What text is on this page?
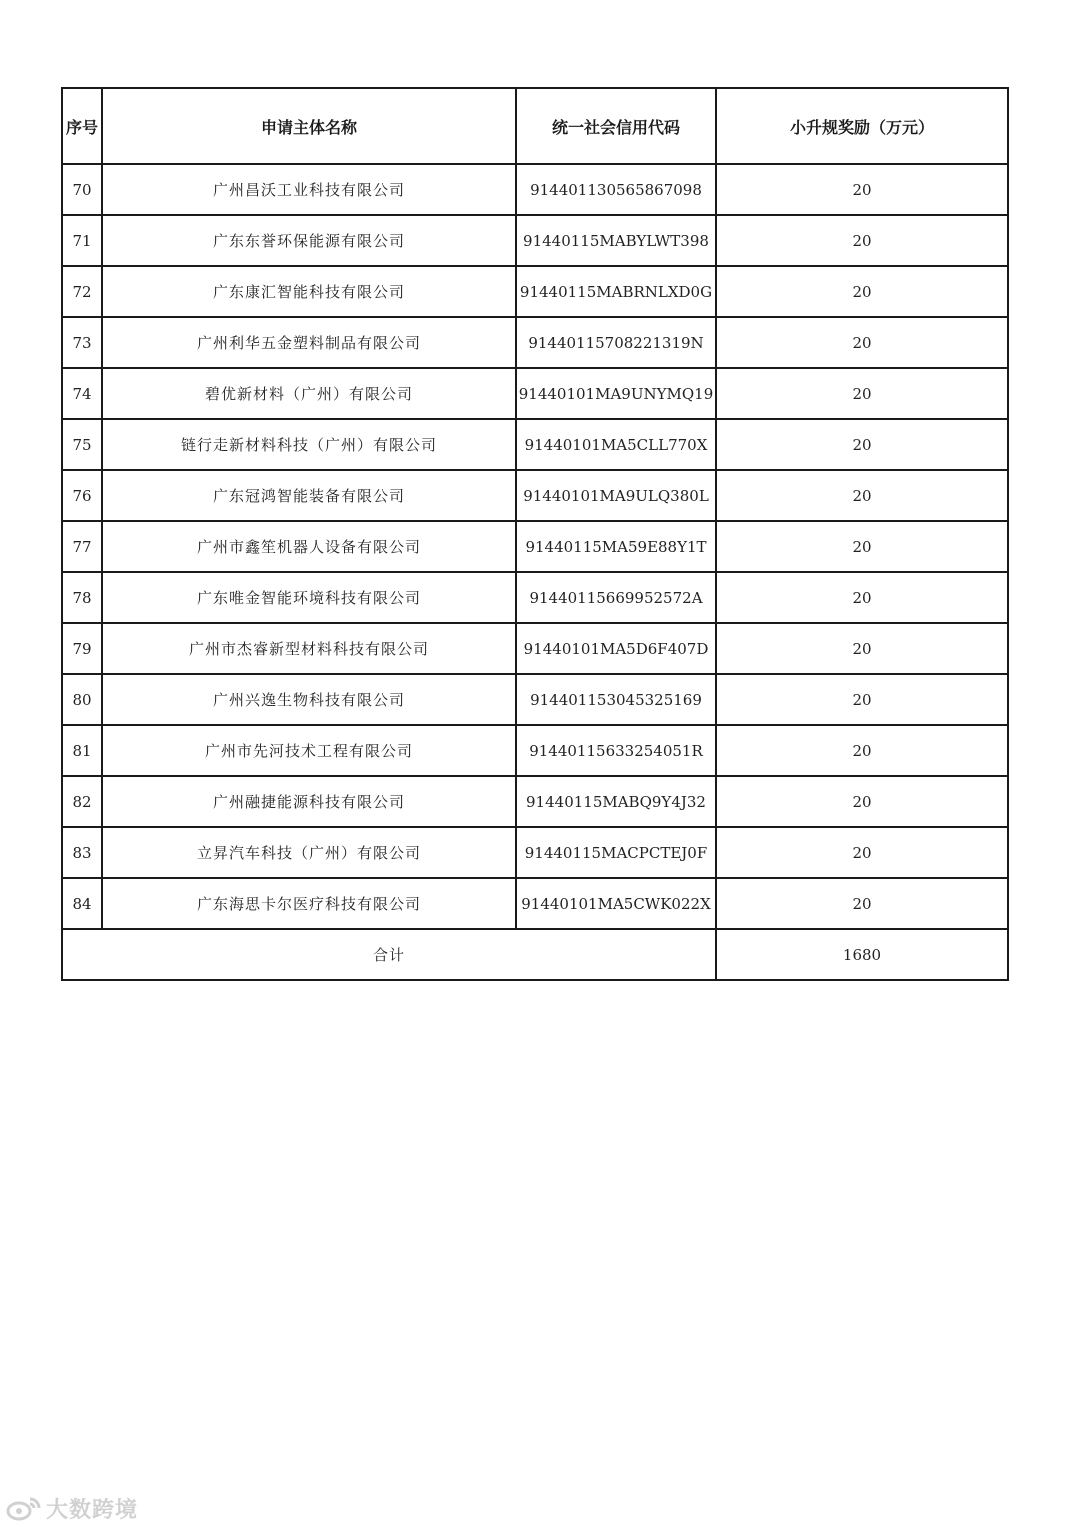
序号	申请主体名称	统一社会信用代码	小升规奖励（万元）
70	广州昌沃工业科技有限公司	914401130565867098	20
71	广东东誉环保能源有限公司	91440115MABYLWT398	20
72	广东康汇智能科技有限公司	91440115MABRNLXD0G	20
73	广州利华五金塑料制品有限公司	91440115708221319N	20
74	碧优新材料（广州）有限公司	91440101MA9UNYMQ19	20
75	链行走新材料科技（广州）有限公司	91440101MA5CLL770X	20
76	广东冠鸿智能装备有限公司	91440101MA9ULQ380L	20
77	广州市鑫笙机器人设备有限公司	91440115MA59E88Y1T	20
78	广东唯金智能环境科技有限公司	91440115669952572A	20
79	广州市杰睿新型材料科技有限公司	91440101MA5D6F407D	20
80	广州兴逸生物科技有限公司	914401153045325169	20
81	广州市先河技术工程有限公司	91440115633254051R	20
82	广州融捷能源科技有限公司	91440115MABQ9Y4J32	20
83	立昇汽车科技（广州）有限公司	91440115MACPCTEJ0F	20
84	广东海思卡尔医疗科技有限公司	91440101MA5CWK022X	20
合计			1680
大数跨境
